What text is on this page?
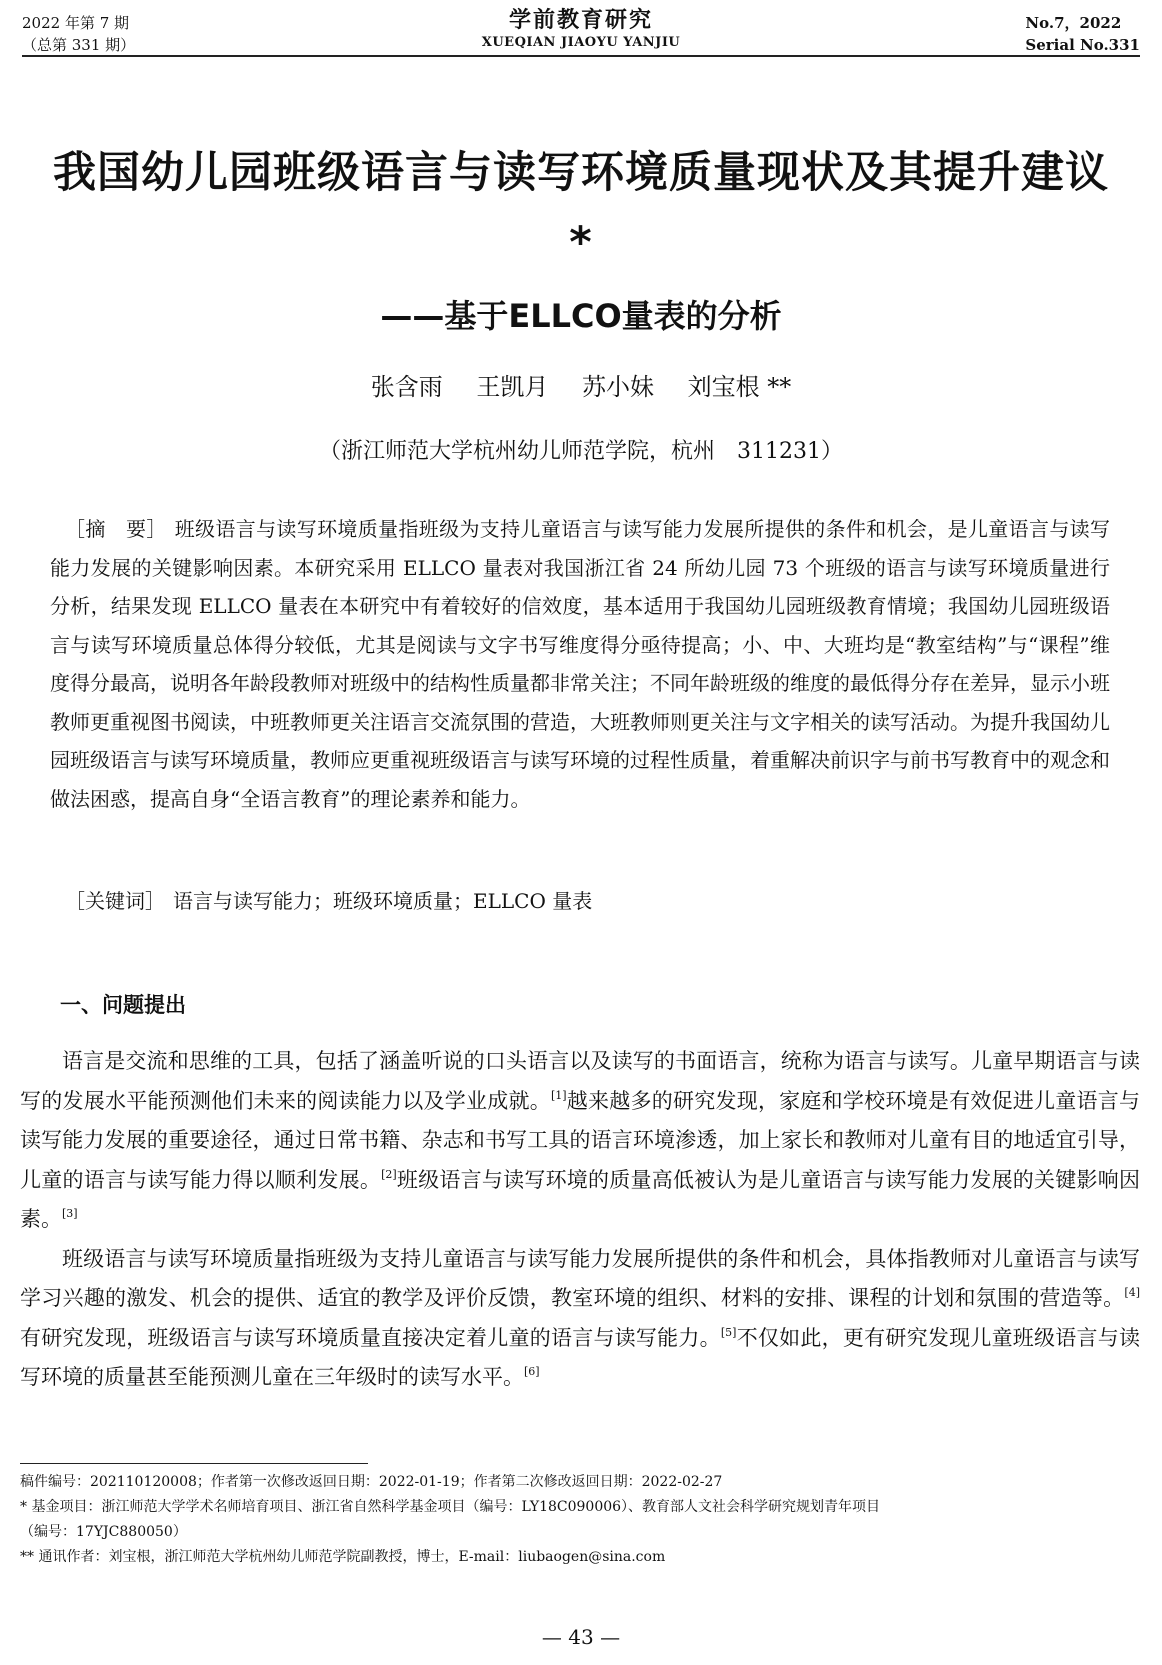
2022 年第 7 期
（总第 331 期）
学前教育研究
XUEQIAN JIAOYU YANJIU
No.7，2022
Serial No.331
我国幼儿园班级语言与读写环境质量现状及其提升建议 *
——基于ELLCO量表的分析
张含雨 王凯月 苏小妹 刘宝根 **
（浙江师范大学杭州幼儿师范学院，杭州　311231）
［摘　要］ 班级语言与读写环境质量指班级为支持儿童语言与读写能力发展所提供的条件和机会，是儿童语言与读写能力发展的关键影响因素。本研究采用 ELLCO 量表对我国浙江省 24 所幼儿园 73 个班级的语言与读写环境质量进行分析，结果发现 ELLCO 量表在本研究中有着较好的信效度，基本适用于我国幼儿园班级教育情境；我国幼儿园班级语言与读写环境质量总体得分较低，尤其是阅读与文字书写维度得分亟待提高；小、中、大班均是“教室结构”与“课程”维度得分最高，说明各年龄段教师对班级中的结构性质量都非常关注；不同年龄班级的维度的最低得分存在差异，显示小班教师更重视图书阅读，中班教师更关注语言交流氛围的营造，大班教师则更关注与文字相关的读写活动。为提升我国幼儿园班级语言与读写环境质量，教师应更重视班级语言与读写环境的过程性质量，着重解决前识字与前书写教育中的观念和做法困惑，提高自身“全语言教育”的理论素养和能力。
［关键词］ 语言与读写能力；班级环境质量；ELLCO 量表
一、问题提出

语言是交流和思维的工具，包括了涵盖听说的口头语言以及读写的书面语言，统称为语言与读写。儿童早期语言与读写的发展水平能预测他们未来的阅读能力以及学业成就。[1]越来越多的研究发现，家庭和学校环境是有效促进儿童语言与读写能力发展的重要途径，通过日常书籍、杂志和书写工具的语言环境渗透，加上家长和教师对儿童有目的地适宜引导，儿童的语言与读写能力得以顺利发展。[2]班级语言与读写环境的质量高低被认为是儿童语言与读写能力发展的关键影响因素。[3]

班级语言与读写环境质量指班级为支持儿童语言与读写能力发展所提供的条件和机会，具体指教师对儿童语言与读写学习兴趣的激发、机会的提供、适宜的教学及评价反馈，教室环境的组织、材料的安排、课程的计划和氛围的营造等。[4]有研究发现，班级语言与读写环境质量直接决定着儿童的语言与读写能力。[5]不仅如此，更有研究发现儿童班级语言与读写环境的质量甚至能预测儿童在三年级时的读写水平。[6]

稿件编号：202110120008；作者第一次修改返回日期：2022-01-19；作者第二次修改返回日期：2022-02-27
* 基金项目：浙江师范大学学术名师培育项目、浙江省自然科学基金项目（编号：LY18C090006）、教育部人文社会科学研究规划青年项目
（编号：17YJC880050）
** 通讯作者：刘宝根，浙江师范大学杭州幼儿师范学院副教授，博士，E-mail：liubaogen@sina.com
— 43 —
